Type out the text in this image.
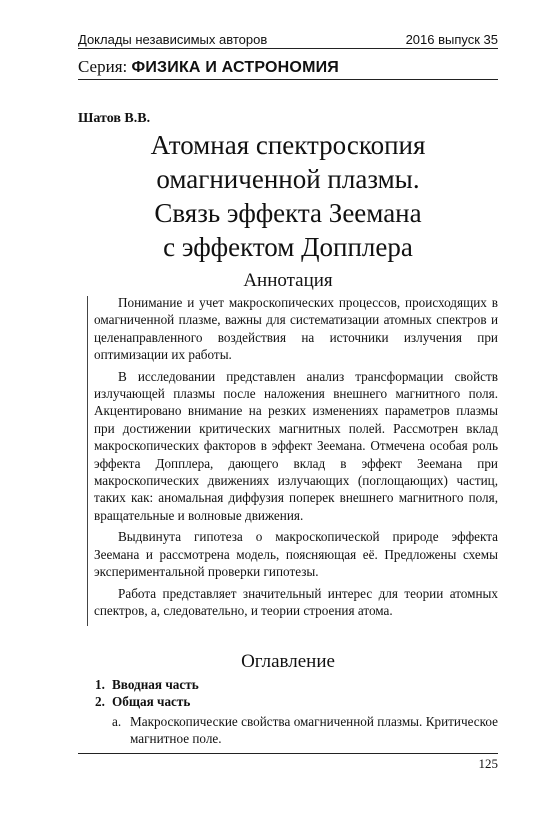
Доклады независимых авторов	2016 выпуск 35
Серия: ФИЗИКА И АСТРОНОМИЯ
Шатов В.В.
Атомная спектроскопия
омагниченной плазмы.
Связь эффекта Зеемана
с эффектом Допплера
Аннотация

Понимание и учет макроскопических процессов, происходящих в омагниченной плазме, важны для систематизации атомных спектров и целенаправленного воздействия на источники излучения при оптимизации их работы.

В исследовании представлен анализ трансформации свойств излучающей плазмы после наложения внешнего магнитного поля. Акцентировано внимание на резких изменениях параметров плазмы при достижении критических магнитных полей. Рассмотрен вклад макроскопических факторов в эффект Зеемана. Отмечена особая роль эффекта Допплера, дающего вклад в эффект Зеемана при макроскопических движениях излучающих (поглощающих) частиц, таких как: аномальная диффузия поперек внешнего магнитного поля, вращательные и волновые движения.

Выдвинута гипотеза о макроскопической природе эффекта Зеемана и рассмотрена модель, поясняющая её. Предложены схемы экспериментальной проверки гипотезы.

Работа представляет значительный интерес для теории атомных спектров, а, следовательно, и теории строения атома.

Оглавление
1. Вводная часть
2. Общая часть
a. Макроскопические свойства омагниченной плазмы. Критическое магнитное поле.
125
